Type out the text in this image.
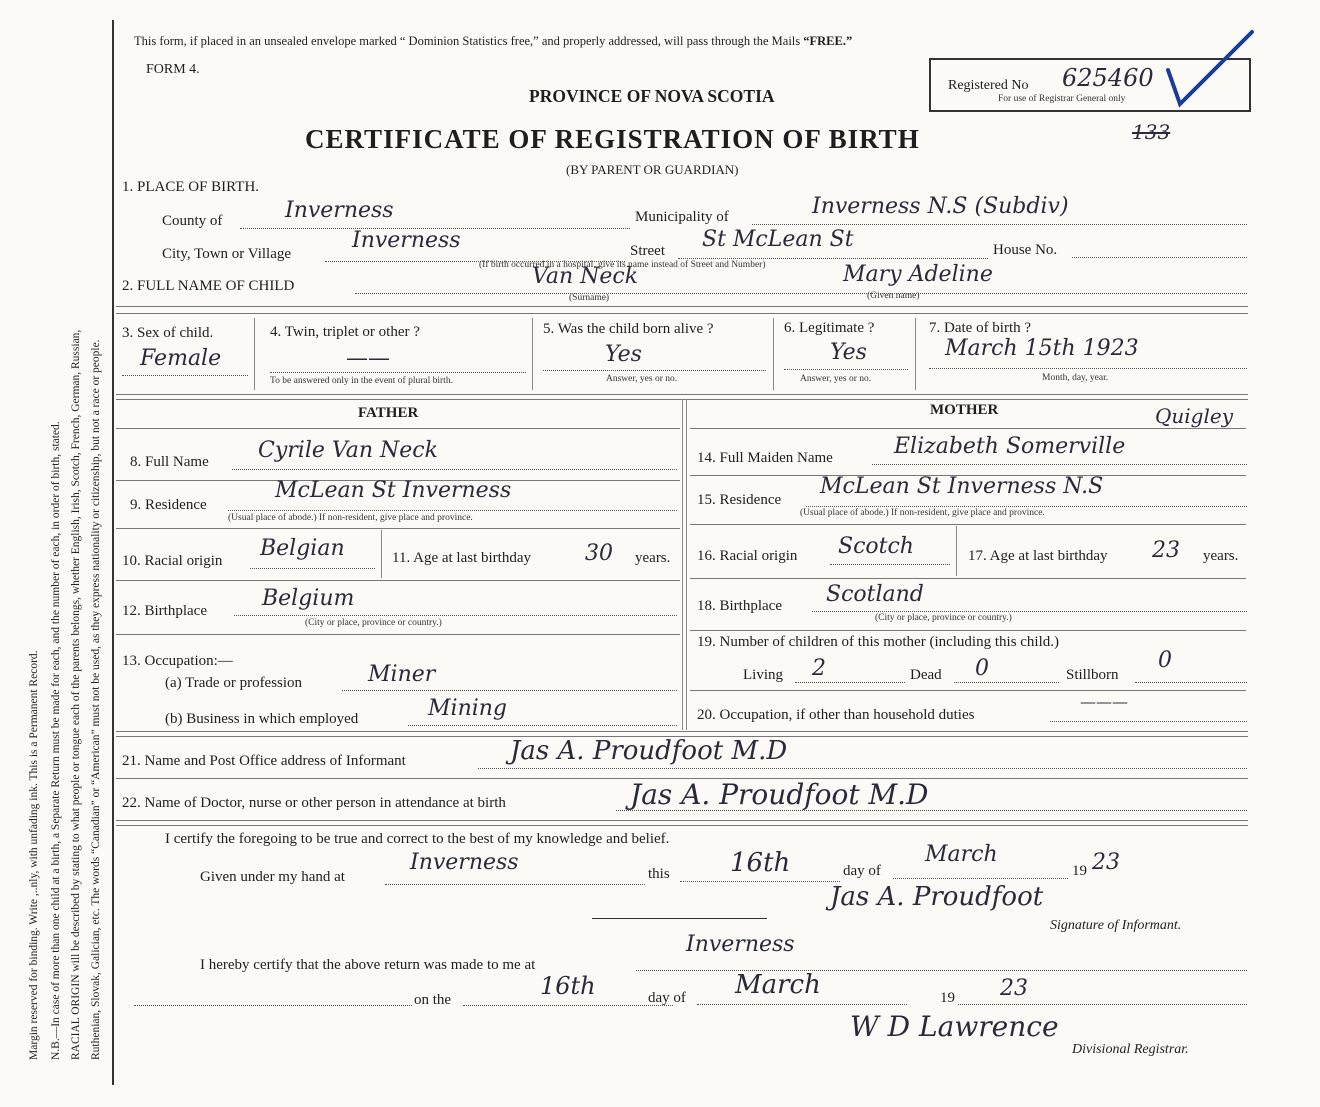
Margin reserved for binding. Write ,..nly, with unfading ink. This is a Permanent Record. N.B.—In case of more than one child at a birth, a Separate Return must be made for each, and the number of each, in order of birth, stated. RACIAL ORIGIN will be described by stating to what people or tongue each of the parents belongs, whether English, Irish, Scotch, French, German, Russian, Ruthenian, Slovak, Galician, etc. The words “Canadian” or “American” must not be used, as they express nationality or citizenship, but not a race or people.
This form, if placed in an unsealed envelope marked “ Dominion Statistics free,” and properly addressed, will pass through the Mails “FREE.”
FORM 4.
PROVINCE OF NOVA SCOTIA
CERTIFICATE OF REGISTRATION OF BIRTH
(BY PARENT OR GUARDIAN)
Registered No 625460
For use of Registrar General only
133
1. PLACE OF BIRTH.
County of	Inverness	Municipality of	Inverness N.S (Subdiv)
City, Town or Village
Inverness	Street St McLean St	House No.
(If birth occurred in a hospital, give its name instead of Street and Number)
2. FULL NAME OF CHILD	Van Neck
(Surname)
Mary Adeline
(Given name)
3. Sex of child.
Female
4. Twin, triplet or other ?
——
To be answered only in the event of plural birth.
5. Was the child born alive ?
Yes
Answer, yes or no.
6. Legitimate ?
Yes
Answer, yes or no.
7. Date of birth ?
March 15th 1923
Month, day, year.
FATHER	MOTHER
8. Full Name Cyrile Van Neck
9. Residence
McLean St Inverness
(Usual place of abode.) If non-resident, give place and province.
10. Racial origin Belgian	11. Age at last birthday 30 years.
12. Birthplace	Belgium
(City or place, province or country.)
13. Occupation:—
(a) Trade or profession	Miner
(b) Business in which employed	Mining
Quigley
14. Full Maiden Name	Elizabeth Somerville
15. Residence
McLean St Inverness N.S
(Usual place of abode.) If non-resident, give place and province.
16. Racial origin Scotch	17. Age at last birthday 23 years.
18. Birthplace Scotland
(City or place, province or country.)
19. Number of children of this mother (including this child.)
Living 2	Dead 0	Stillborn
0
20. Occupation, if other than household duties
———
21. Name and Post Office address of Informant	Jas A. Proudfoot M.D
22. Name of Doctor, nurse or other person in attendance at birth	Jas A. Proudfoot M.D
I certify the foregoing to be true and correct to the best of my knowledge and belief.
Given under my hand at
Inverness	this 16th	day of
March
19 23
Jas A. Proudfoot
Signature of Informant.
I hereby certify that the above return was made to me at
Inverness
on the	16th	day of March	19 23
W D Lawrence
Divisional Registrar.
